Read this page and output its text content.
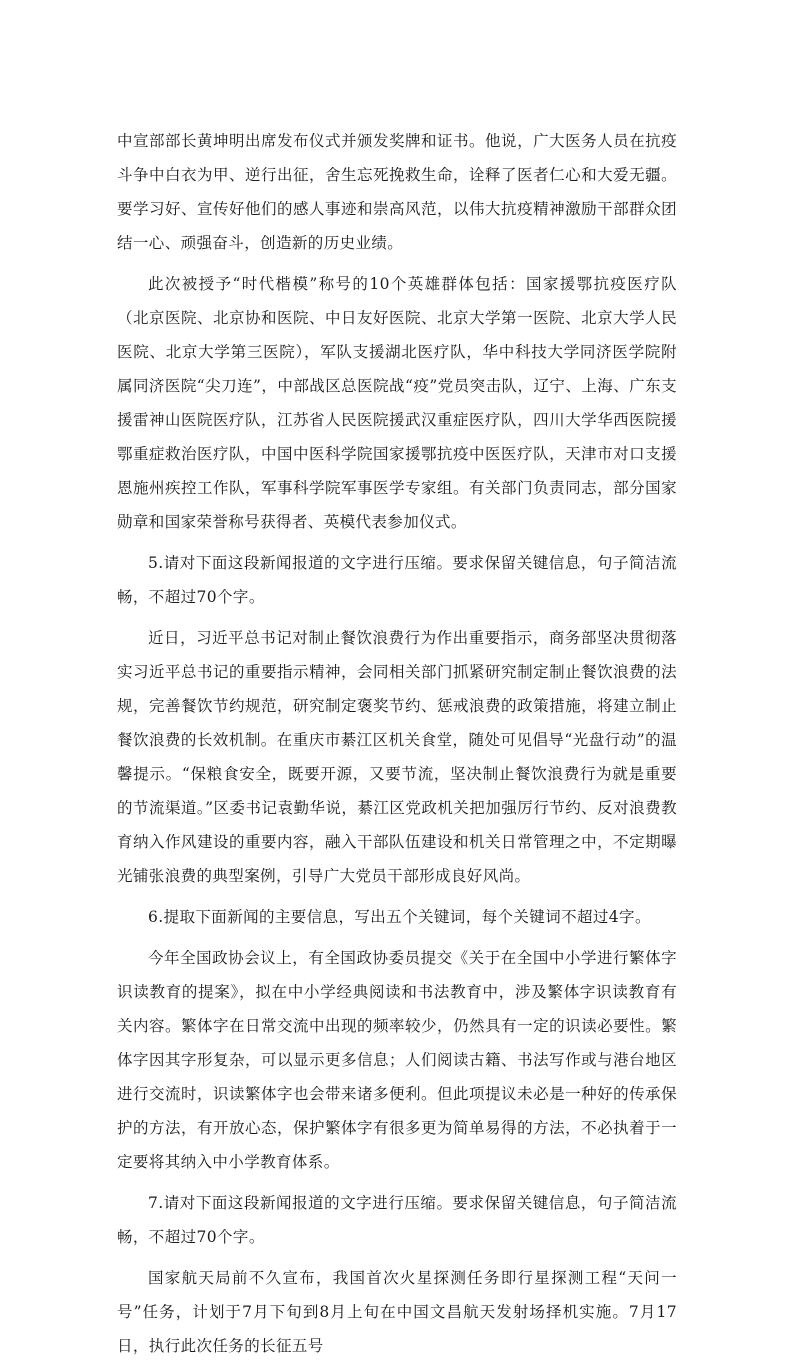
中宣部部长黄坤明出席发布仪式并颁发奖牌和证书。他说，广大医务人员在抗疫斗争中白衣为甲、逆行出征，舍生忘死挽救生命，诠释了医者仁心和大爱无疆。要学习好、宣传好他们的感人事迹和崇高风范，以伟大抗疫精神激励干部群众团结一心、顽强奋斗，创造新的历史业绩。

此次被授予“时代楷模”称号的10个英雄群体包括：国家援鄂抗疫医疗队（北京医院、北京协和医院、中日友好医院、北京大学第一医院、北京大学人民医院、北京大学第三医院），军队支援湖北医疗队，华中科技大学同济医学院附属同济医院“尖刀连”，中部战区总医院战“疫”党员突击队，辽宁、上海、广东支援雷神山医院医疗队，江苏省人民医院援武汉重症医疗队，四川大学华西医院援鄂重症救治医疗队，中国中医科学院国家援鄂抗疫中医医疗队，天津市对口支援恩施州疾控工作队，军事科学院军事医学专家组。有关部门负责同志，部分国家勋章和国家荣誉称号获得者、英模代表参加仪式。

5.请对下面这段新闻报道的文字进行压缩。要求保留关键信息，句子简洁流畅，不超过70个字。

近日，习近平总书记对制止餐饮浪费行为作出重要指示，商务部坚决贯彻落实习近平总书记的重要指示精神，会同相关部门抓紧研究制定制止餐饮浪费的法规，完善餐饮节约规范，研究制定褒奖节约、惩戒浪费的政策措施，将建立制止餐饮浪费的长效机制。在重庆市綦江区机关食堂，随处可见倡导“光盘行动”的温馨提示。“保粮食安全，既要开源，又要节流，坚决制止餐饮浪费行为就是重要的节流渠道。”区委书记袁勤华说，綦江区党政机关把加强厉行节约、反对浪费教育纳入作风建设的重要内容，融入干部队伍建设和机关日常管理之中，不定期曝光铺张浪费的典型案例，引导广大党员干部形成良好风尚。

6.提取下面新闻的主要信息，写出五个关键词，每个关键词不超过4字。

今年全国政协会议上，有全国政协委员提交《关于在全国中小学进行繁体字识读教育的提案》，拟在中小学经典阅读和书法教育中，涉及繁体字识读教育有关内容。繁体字在日常交流中出现的频率较少，仍然具有一定的识读必要性。繁体字因其字形复杂，可以显示更多信息；人们阅读古籍、书法写作或与港台地区进行交流时，识读繁体字也会带来诸多便利。但此项提议未必是一种好的传承保护的方法，有开放心态，保护繁体字有很多更为简单易得的方法，不必执着于一定要将其纳入中小学教育体系。

7.请对下面这段新闻报道的文字进行压缩。要求保留关键信息，句子简洁流畅，不超过70个字。

国家航天局前不久宣布，我国首次火星探测任务即行星探测工程“天问一号”任务，计划于7月下旬到8月上旬在中国文昌航天发射场择机实施。7月17日，执行此次任务的长征五号
